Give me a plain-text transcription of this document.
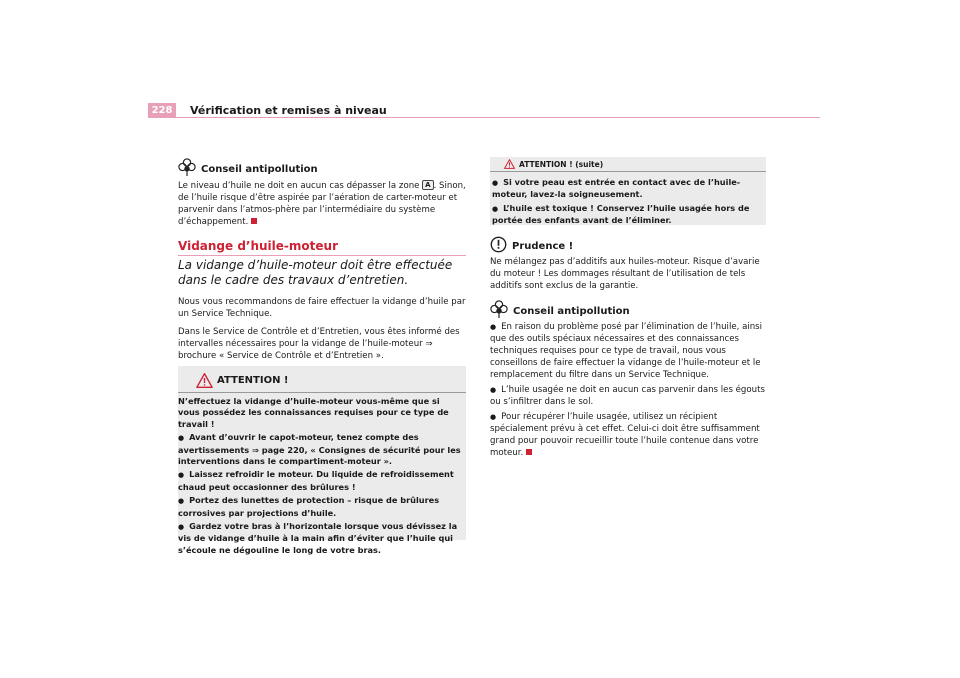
228	Vérification et remises à niveau
Conseil antipollution

Le niveau d’huile ne doit en aucun cas dépasser la zone A . Sinon, de l’huile risque d’être aspirée par l’aération de carter-moteur et parvenir dans l’atmos-phère par l’intermédiaire du système d’échappement.

Vidange d’huile-moteur
La vidange d’huile-moteur doit être effectuée dans le cadre des travaux d’entretien.

Nous vous recommandons de faire effectuer la vidange d’huile par un Service Technique.

Dans le Service de Contrôle et d’Entretien, vous êtes informé des intervalles nécessaires pour la vidange de l’huile-moteur ⇒ brochure « Service de Contrôle et d’Entretien ».

ATTENTION !

N’effectuez la vidange d’huile-moteur vous-même que si vous possédez les connaissances requises pour ce type de travail !

● Avant d’ouvrir le capot-moteur, tenez compte des avertissements ⇒ page 220, « Consignes de sécurité pour les interventions dans le compartiment-moteur ».

● Laissez refroidir le moteur. Du liquide de refroidissement chaud peut occasionner des brûlures !

● Portez des lunettes de protection – risque de brûlures corrosives par projections d’huile.

● Gardez votre bras à l’horizontale lorsque vous dévissez la vis de vidange d’huile à la main afin d’éviter que l’huile qui s’écoule ne dégouline le long de votre bras.

ATTENTION ! (suite)

● Si votre peau est entrée en contact avec de l’huile-moteur, lavez-la soigneusement.

● L’huile est toxique ! Conservez l’huile usagée hors de portée des enfants avant de l’éliminer.

Prudence !

Ne mélangez pas d’additifs aux huiles-moteur. Risque d’avarie du moteur ! Les dommages résultant de l’utilisation de tels additifs sont exclus de la garantie.

Conseil antipollution

● En raison du problème posé par l’élimination de l’huile, ainsi que des outils spéciaux nécessaires et des connaissances techniques requises pour ce type de travail, nous vous conseillons de faire effectuer la vidange de l’huile-moteur et le remplacement du filtre dans un Service Technique.

● L’huile usagée ne doit en aucun cas parvenir dans les égouts ou s’infiltrer dans le sol.

● Pour récupérer l’huile usagée, utilisez un récipient spécialement prévu à cet effet. Celui-ci doit être suffisamment grand pour pouvoir recueillir toute l’huile contenue dans votre moteur.
